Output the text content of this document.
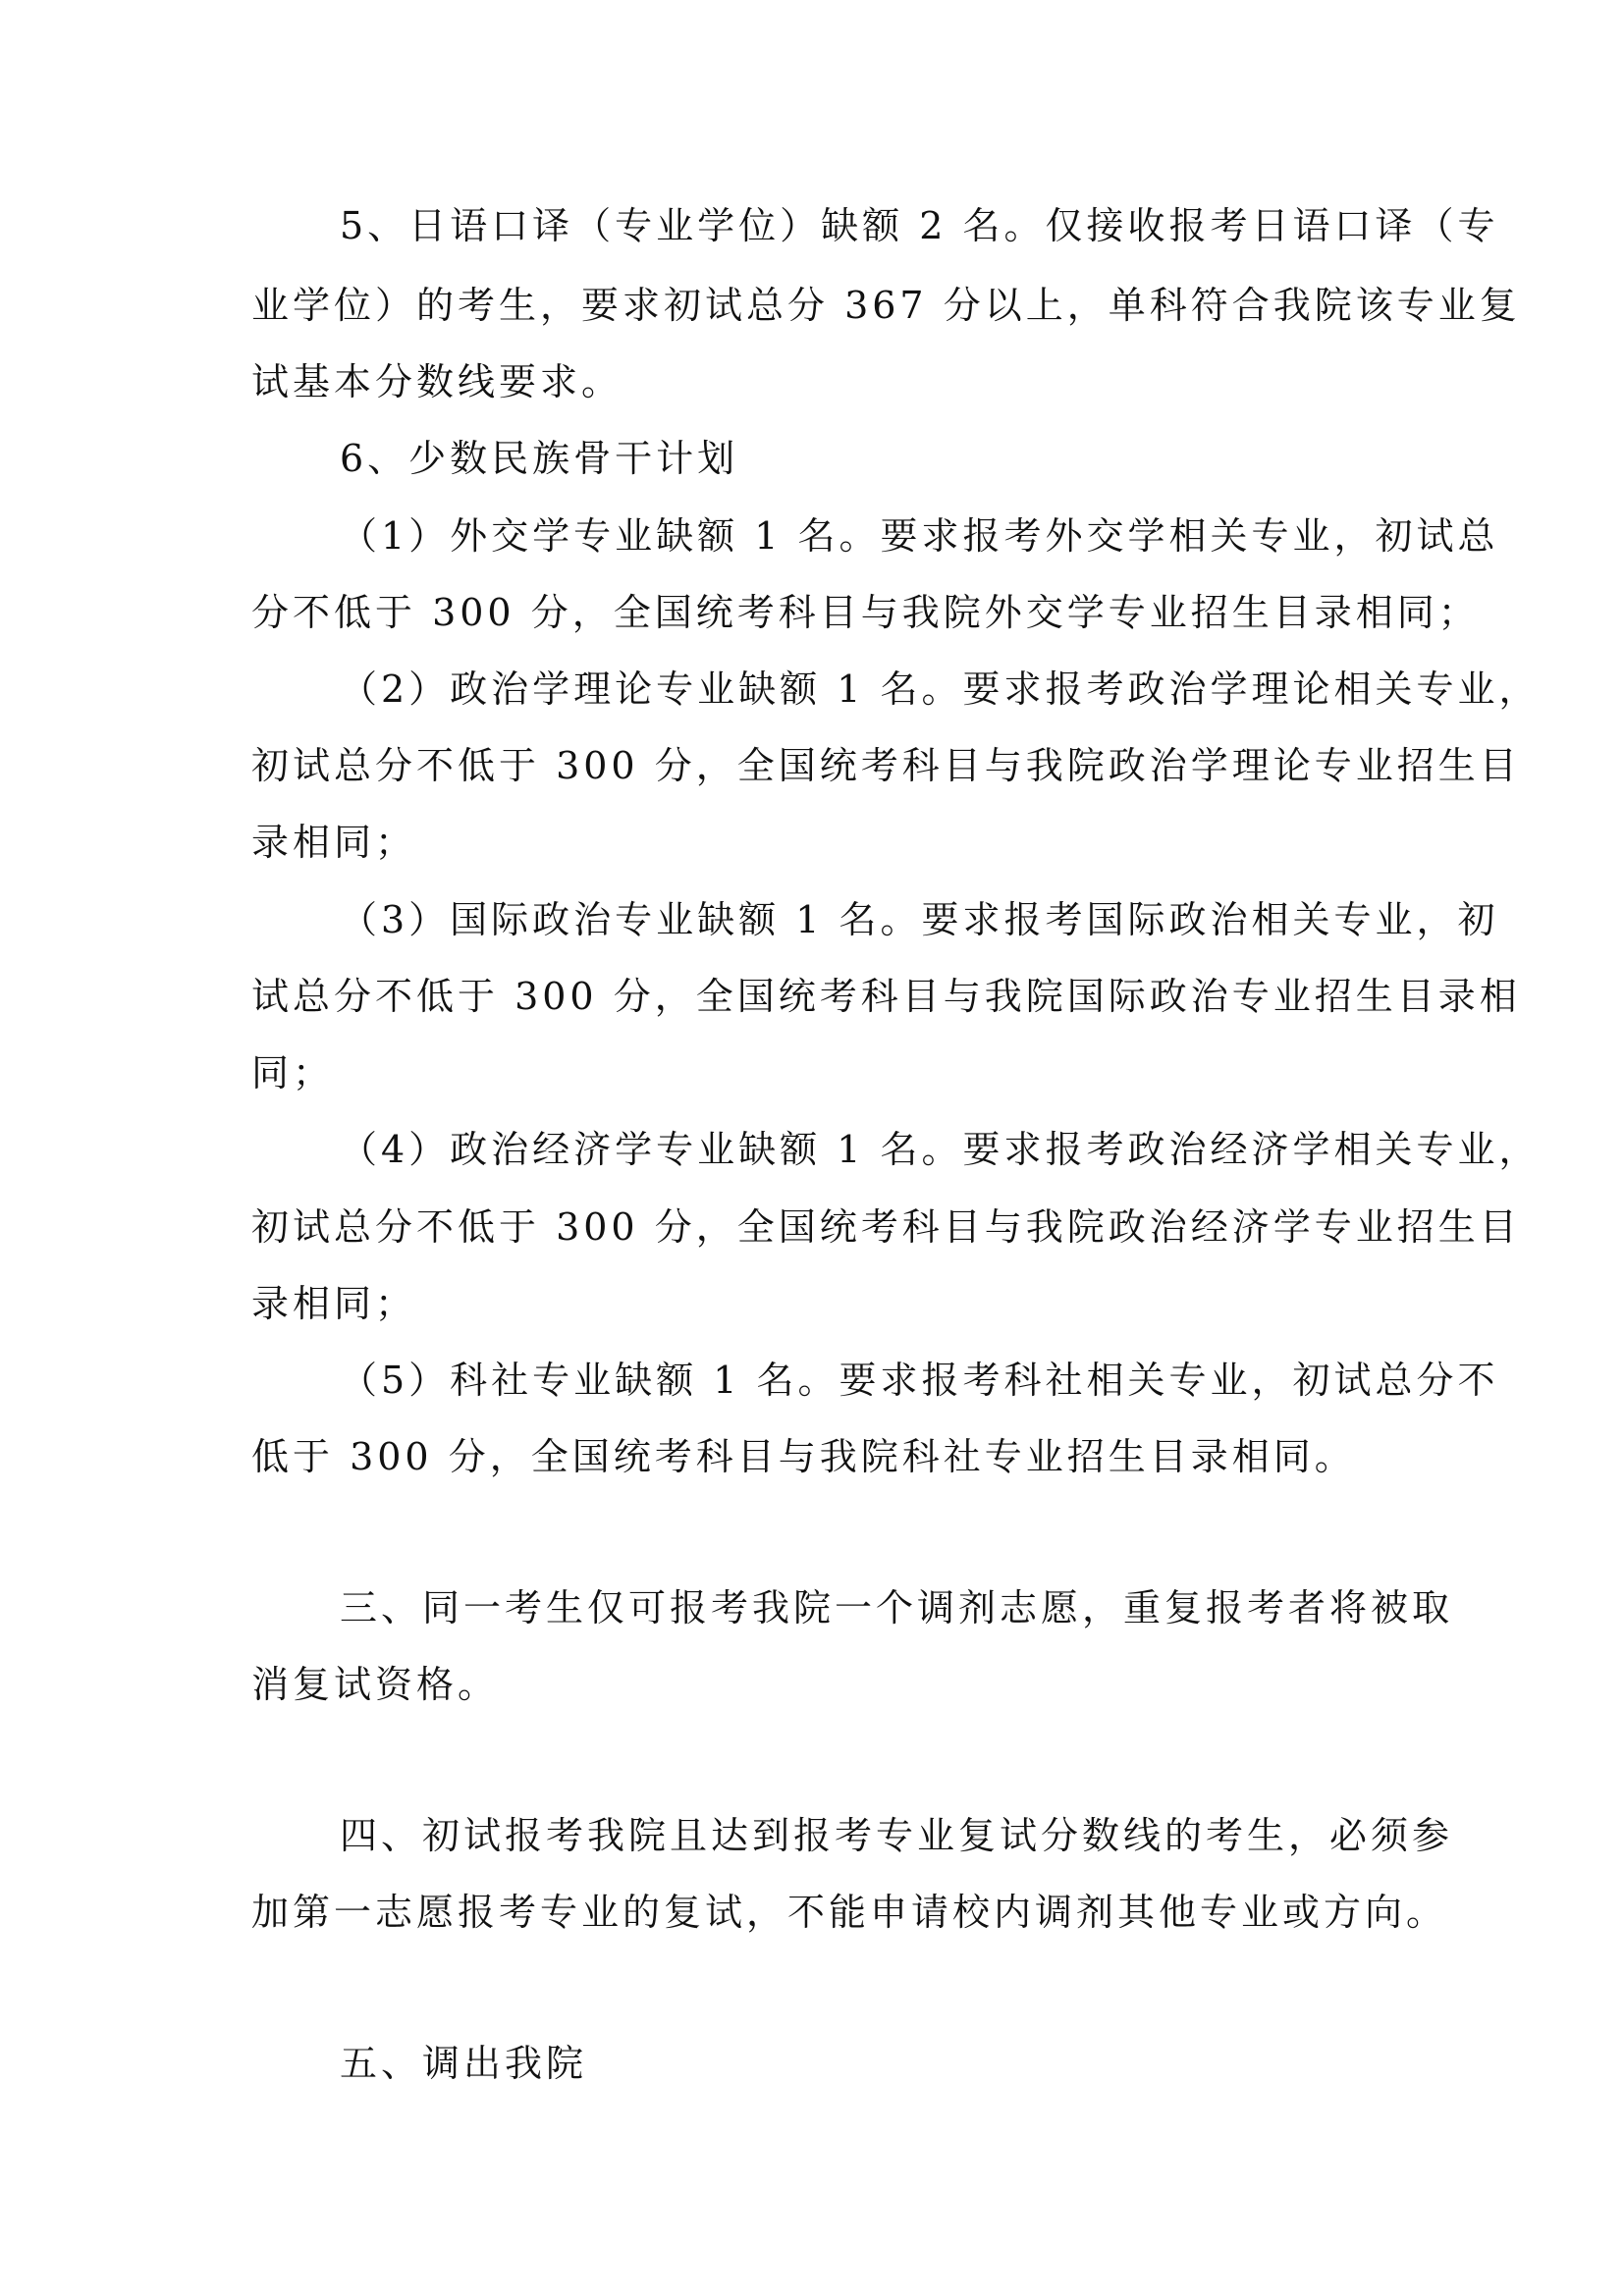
5、日语口译（专业学位）缺额 2 名。仅接收报考日语口译（专
业学位）的考生，要求初试总分 367 分以上，单科符合我院该专业复
试基本分数线要求。
6、少数民族骨干计划
（1）外交学专业缺额 1 名。要求报考外交学相关专业，初试总
分不低于 300 分，全国统考科目与我院外交学专业招生目录相同；
（2）政治学理论专业缺额 1 名。要求报考政治学理论相关专业，
初试总分不低于 300 分，全国统考科目与我院政治学理论专业招生目
录相同；
（3）国际政治专业缺额 1 名。要求报考国际政治相关专业，初
试总分不低于 300 分，全国统考科目与我院国际政治专业招生目录相
同；
（4）政治经济学专业缺额 1 名。要求报考政治经济学相关专业，
初试总分不低于 300 分，全国统考科目与我院政治经济学专业招生目
录相同；
（5）科社专业缺额 1 名。要求报考科社相关专业，初试总分不
低于 300 分，全国统考科目与我院科社专业招生目录相同。
三、同一考生仅可报考我院一个调剂志愿，重复报考者将被取
消复试资格。
四、初试报考我院且达到报考专业复试分数线的考生，必须参
加第一志愿报考专业的复试，不能申请校内调剂其他专业或方向。
五、调出我院
